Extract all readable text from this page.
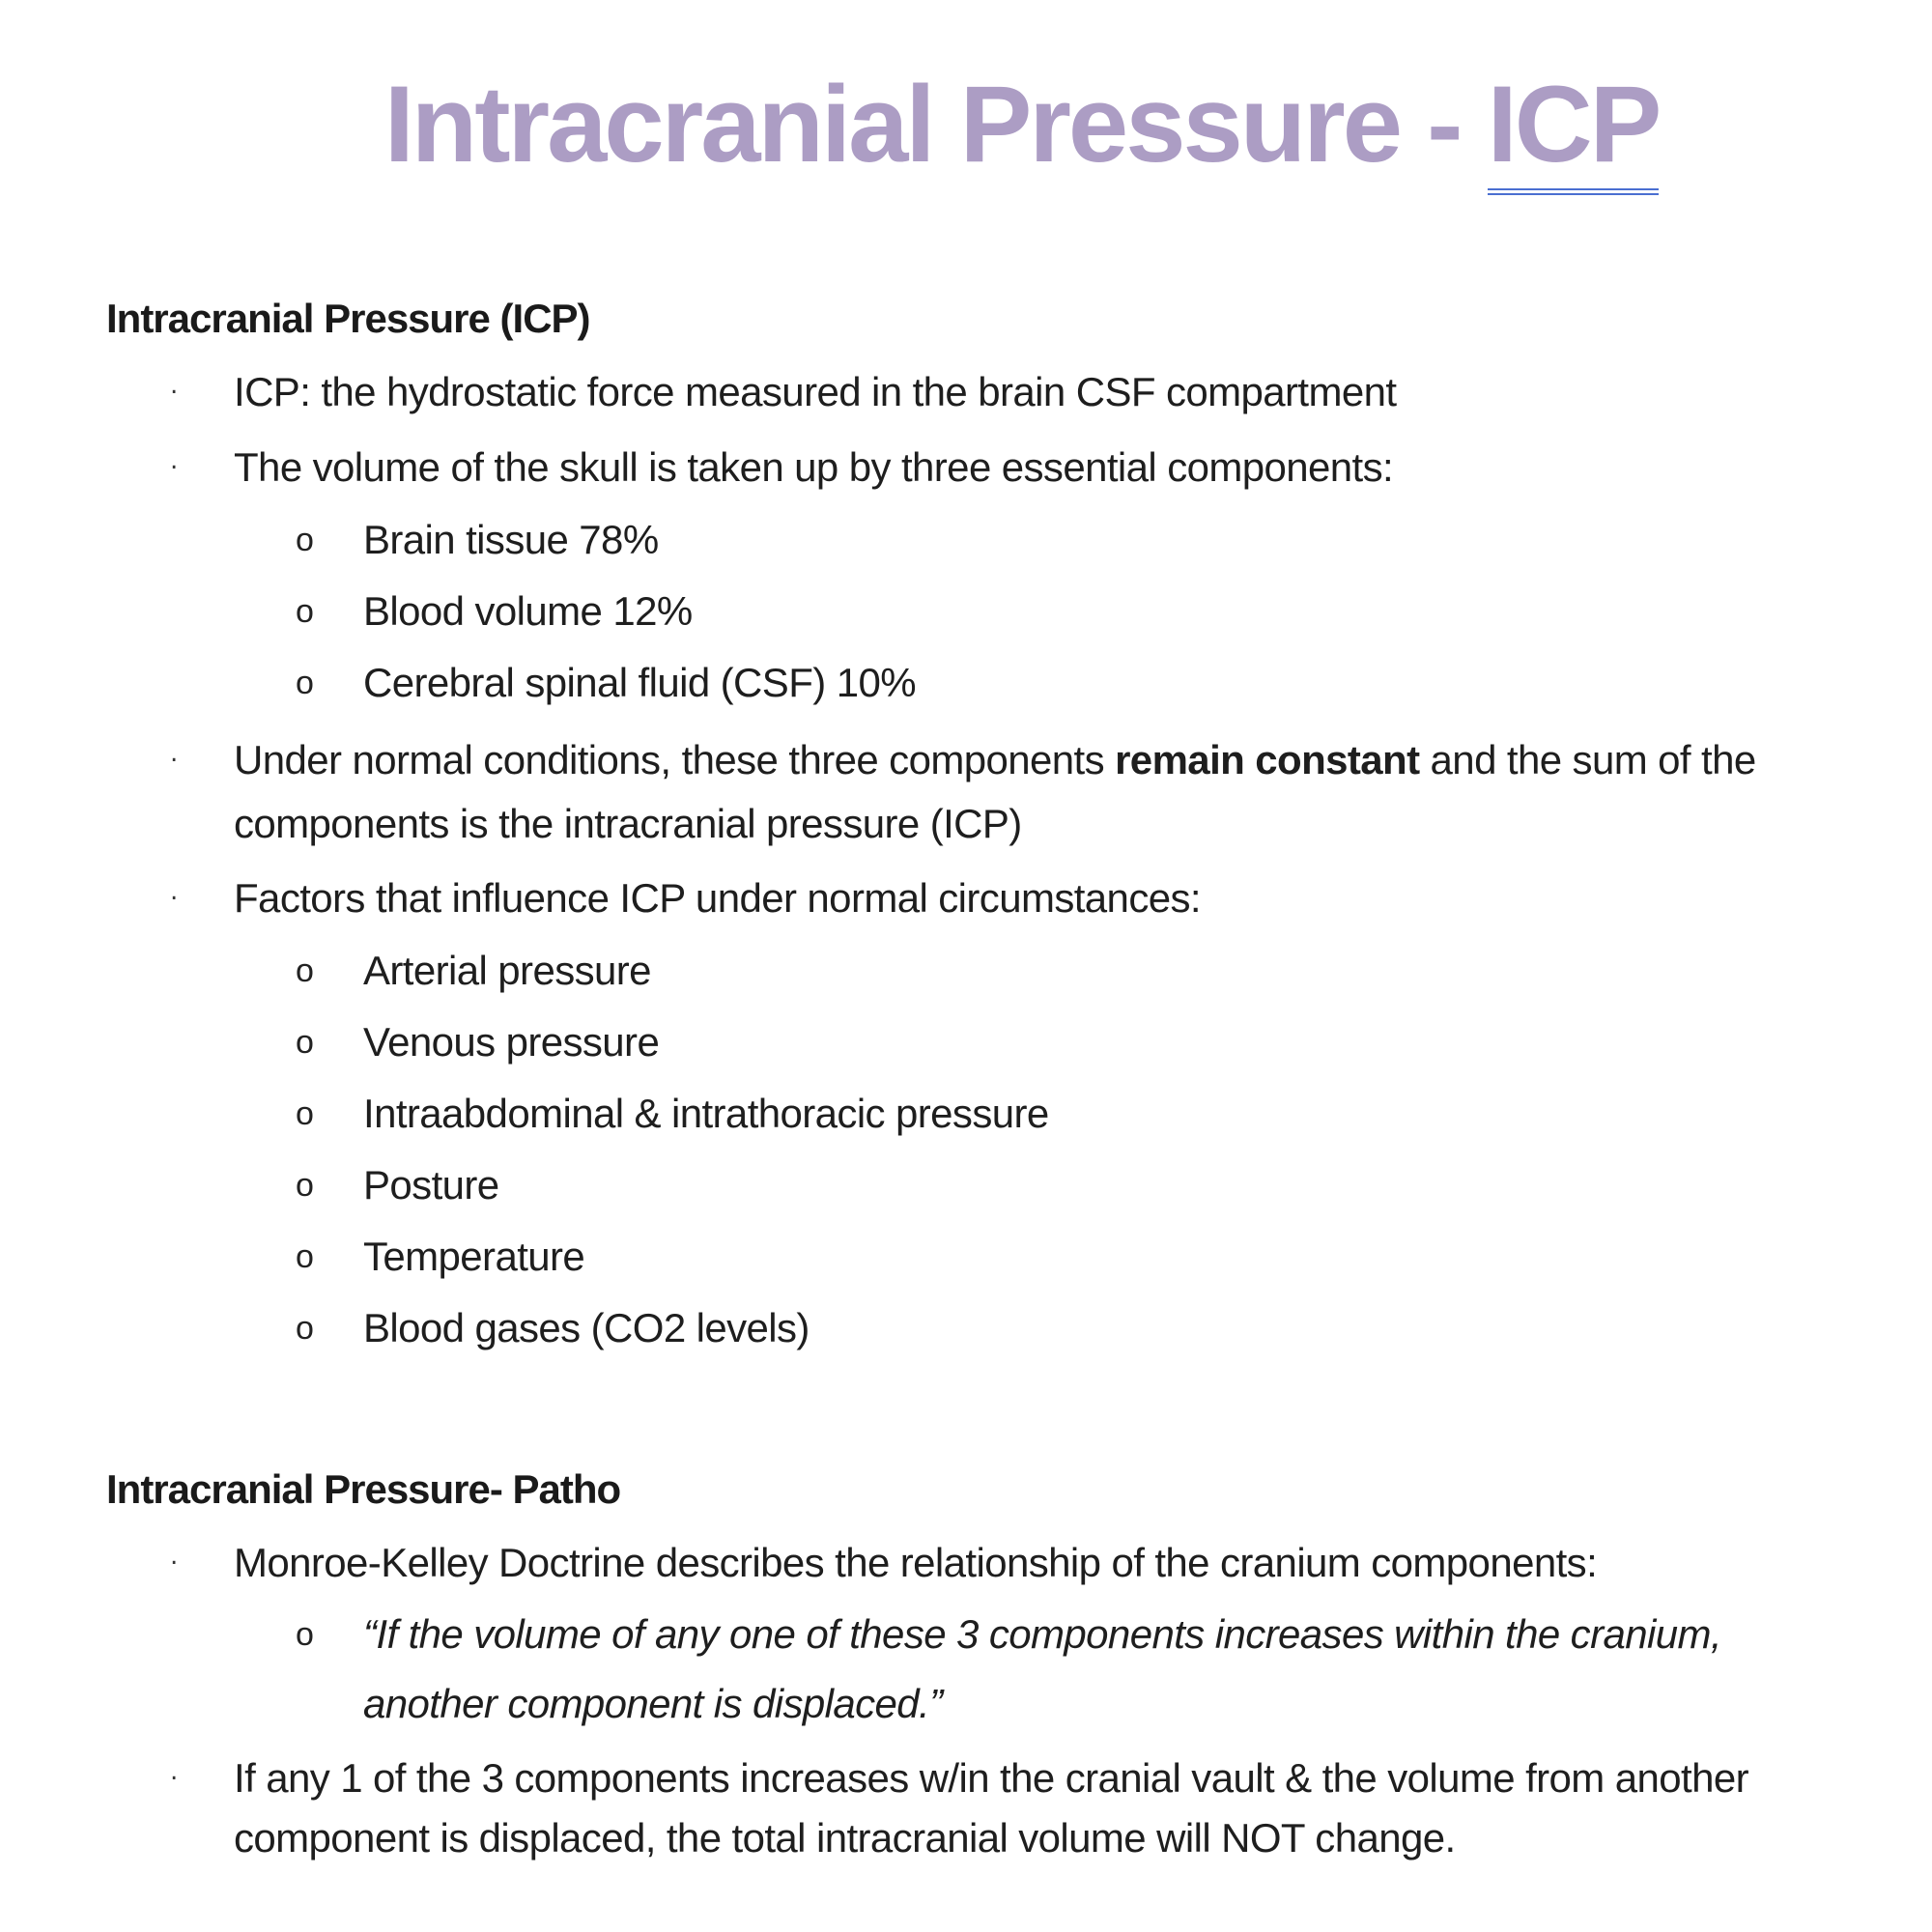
Intracranial Pressure - ICP
Intracranial Pressure (ICP)
‧ ICP: the hydrostatic force measured in the brain CSF compartment
‧ The volume of the skull is taken up by three essential components:
o Brain tissue 78%
o Blood volume 12%
o Cerebral spinal fluid (CSF) 10%
‧ Under normal conditions, these three components remain constant and the sum of the components is the intracranial pressure (ICP)
‧ Factors that influence ICP under normal circumstances:
o Arterial pressure
o Venous pressure
o Intraabdominal & intrathoracic pressure
o Posture
o Temperature
o Blood gases (CO2 levels)
Intracranial Pressure- Patho
‧ Monroe-Kelley Doctrine describes the relationship of the cranium components:
o “If the volume of any one of these 3 components increases within the cranium, another component is displaced.”
‧ If any 1 of the 3 components increases w/in the cranial vault & the volume from another component is displaced, the total intracranial volume will NOT change.
